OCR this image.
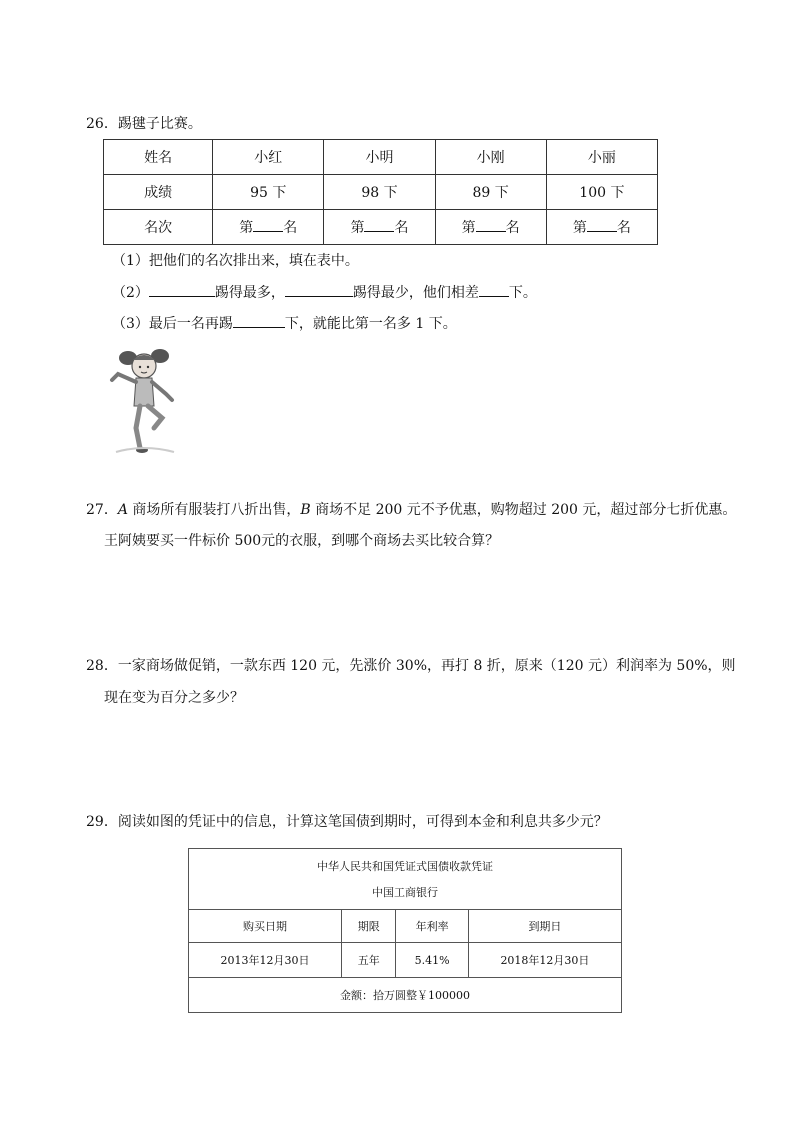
26．踢毽子比赛。
姓名	小红	小明	小刚	小丽
成绩	95 下	98 下	89 下	100 下
名次	第 名	第 名	第 名	第 名
（1）把他们的名次排出来，填在表中。
（2）	踢得最多，	踢得最少，他们相差 下。
（3）最后一名再踢	下，就能比第一名多 1 下。
27．A 商场所有服装打八折出售，B 商场不足 200 元不予优惠，购物超过 200 元，超过部分七折优惠。
王阿姨要买一件标价 500元的衣服，到哪个商场去买比较合算？
28．一家商场做促销，一款东西 120 元，先涨价 30%，再打 8 折，原来（120 元）利润率为 50%，则
现在变为百分之多少？
29．阅读如图的凭证中的信息，计算这笔国债到期时，可得到本金和利息共多少元？
中华人民共和国凭证式国债收款凭证
中国工商银行			

购买日期	期限	年利率	到期日
2013年12月30日	五年	5.41%	2018年12月30日
金额：拾万圆整￥100000			
